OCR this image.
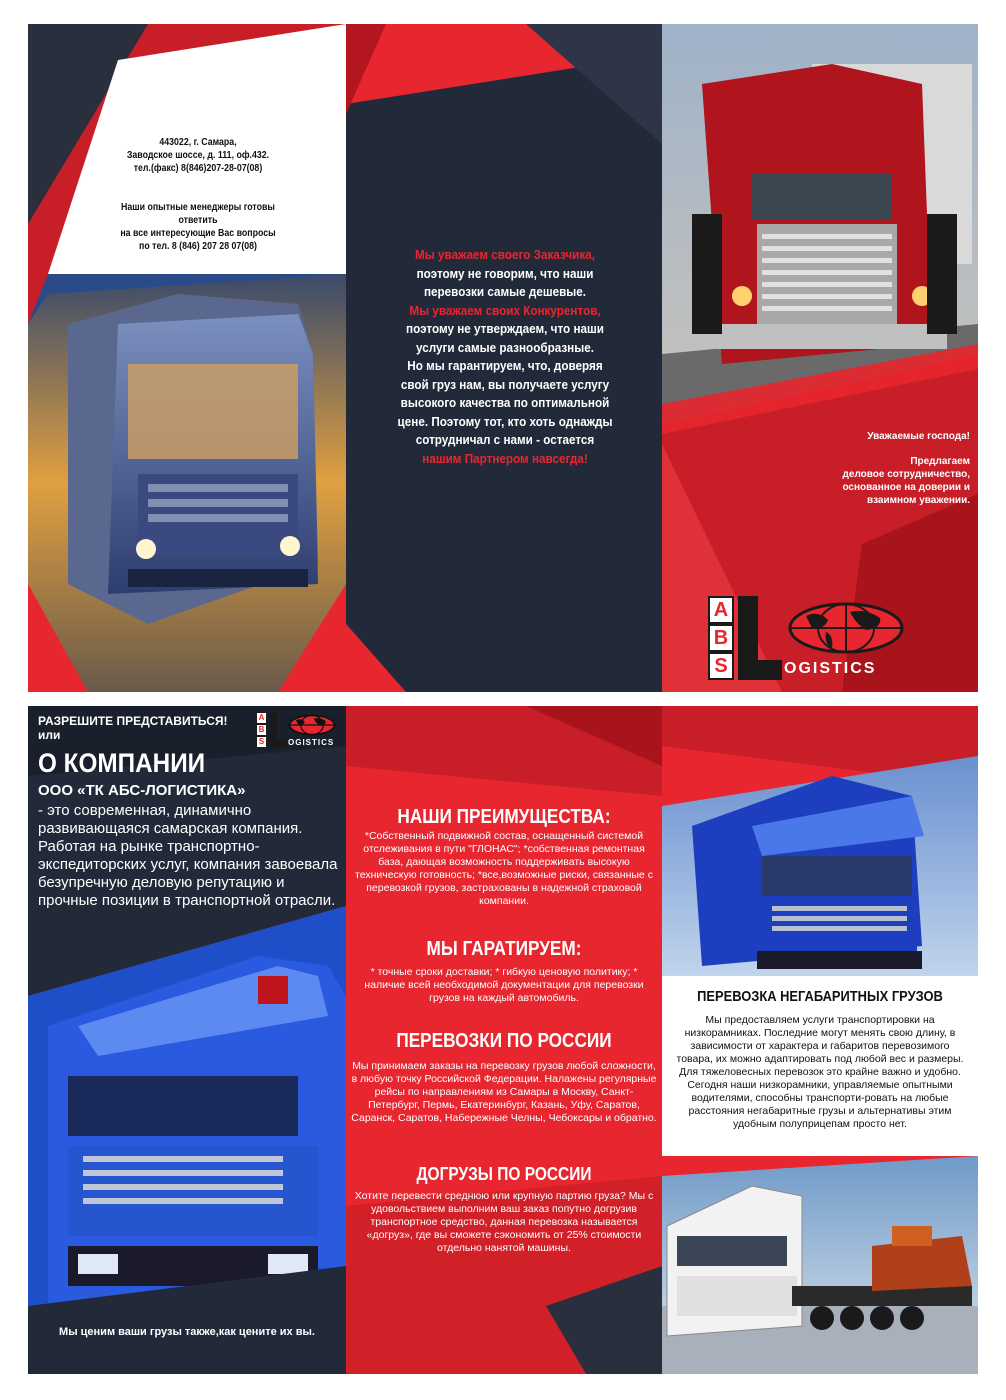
443022, г. Самара,
Заводское шоссе, д. 111, оф.432.
тел.(факс) 8(846)207-28-07(08)
Наши опытные менеджеры готовы ответить
на все интересующие Вас вопросы
по тел. 8 (846) 207 28 07(08)
Мы уважаем своего Заказчика,
поэтому не говорим, что наши
перевозки самые дешевые.
Мы уважаем своих Конкурентов,
поэтому не утверждаем, что наши
услуги самые разнообразные.
Но мы гарантируем, что, доверяя
свой груз нам, вы получаете услугу
высокого качества по оптимальной
цене. Поэтому тот, кто хоть однажды
сотрудничал с нами - остается
нашим Партнером навсегда!
Уважаемые господа!
Предлагаем
деловое сотрудничество,
основанное на доверии и
взаимном уважении.
A
B
S	OGISTICS
РАЗРЕШИТЕ ПРЕДСТАВИТЬСЯ!
или
A
B
S	OGISTICS
О КОМПАНИИ
ООО «ТК АБС-ЛОГИСТИКА»
- это современная, динамично развивающаяся самарская компания. Работая на рынке транспортно-экспедиторских услуг, компания завоевала безупречную деловую репутацию и прочные позиции в транспортной отрасли.
Мы ценим ваши грузы также,как цените их вы.
НАШИ ПРЕИМУЩЕСТВА:
*Собственный подвижной состав, оснащенный системой отслеживания в пути "ГЛОНАС"; *собственная ремонтная база, дающая возможность поддерживать высокую техническую готовность; *все,возможные риски, связанные с перевозкой грузов, застрахованы в надежной страховой компании.
МЫ ГАРАТИРУЕМ:
* точные сроки доставки; * гибкую ценовую политику; * наличие всей необходимой документации для перевозки грузов на каждый автомобиль.
ПЕРЕВОЗКИ ПО РОССИИ
Мы принимаем заказы на перевозку грузов любой сложности, в любую точку Российской Федерации. Налажены регулярные рейсы по направлениям из Самары в Москву, Санкт-Петербург, Пермь, Екатеринбург, Казань, Уфу, Саратов, Саранск, Саратов, Набережные Челны, Чебоксары и обратно.
ДОГРУЗЫ ПО РОССИИ
Хотите перевести среднюю или крупную партию груза? Мы с удовольствием выполним ваш заказ попутно догрузив транспортное средство, данная перевозка называется «догруз», где вы сможете сэкономить от 25% стоимости отдельно нанятой машины.
ПЕРЕВОЗКА НЕГАБАРИТНЫХ ГРУЗОВ
Мы предоставляем услуги транспортировки на низкорамниках. Последние могут менять свою длину, в зависимости от характера и габаритов перевозимого товара, их можно адаптировать под любой вес и размеры. Для тяжеловесных перевозок это крайне важно и удобно. Сегодня наши низкорамники, управляемые опытными водителями, способны транспорти-ровать на любые расстояния негабаритные грузы и альтернативы этим удобным полуприцепам просто нет.
